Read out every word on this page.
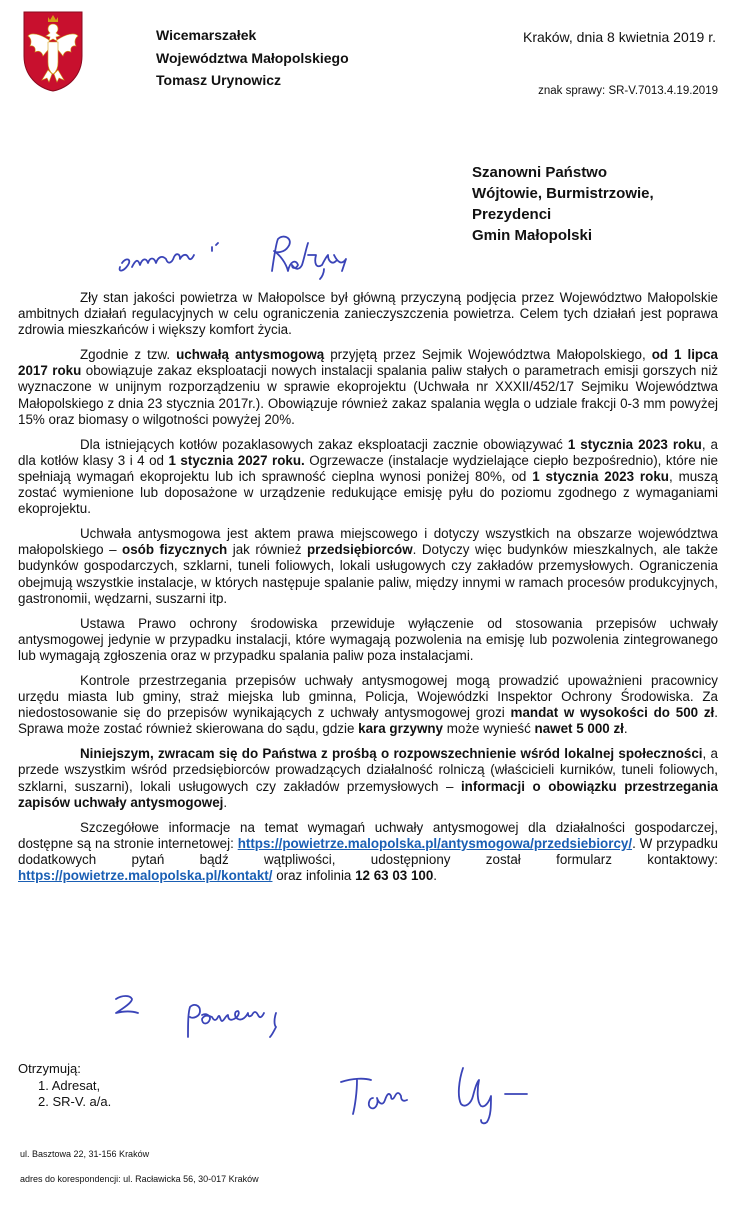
Wicemarszałek
Województwa Małopolskiego
Tomasz Urynowicz
Kraków, dnia 8 kwietnia 2019 r.
znak sprawy: SR-V.7013.4.19.2019
Szanowni Państwo
Wójtowie, Burmistrzowie,
Prezydenci
Gmin Małopolski

Zły stan jakości powietrza w Małopolsce był główną przyczyną podjęcia przez Województwo Małopolskie ambitnych działań regulacyjnych w celu ograniczenia zanieczyszczenia powietrza. Celem tych działań jest poprawa zdrowia mieszkańców i większy komfort życia.

Zgodnie z tzw. uchwałą antysmogową przyjętą przez Sejmik Województwa Małopolskiego, od 1 lipca 2017 roku obowiązuje zakaz eksploatacji nowych instalacji spalania paliw stałych o parametrach emisji gorszych niż wyznaczone w unijnym rozporządzeniu w sprawie ekoprojektu (Uchwała nr XXXII/452/17 Sejmiku Województwa Małopolskiego z dnia 23 stycznia 2017r.). Obowiązuje również zakaz spalania węgla o udziale frakcji 0-3 mm powyżej 15% oraz biomasy o wilgotności powyżej 20%.

Dla istniejących kotłów pozaklasowych zakaz eksploatacji zacznie obowiązywać 1 stycznia 2023 roku, a dla kotłów klasy 3 i 4 od 1 stycznia 2027 roku. Ogrzewacze (instalacje wydzielające ciepło bezpośrednio), które nie spełniają wymagań ekoprojektu lub ich sprawność cieplna wynosi poniżej 80%, od 1 stycznia 2023 roku, muszą zostać wymienione lub doposażone w urządzenie redukujące emisję pyłu do poziomu zgodnego z wymaganiami ekoprojektu.

Uchwała antysmogowa jest aktem prawa miejscowego i dotyczy wszystkich na obszarze województwa małopolskiego – osób fizycznych jak również przedsiębiorców. Dotyczy więc budynków mieszkalnych, ale także budynków gospodarczych, szklarni, tuneli foliowych, lokali usługowych czy zakładów przemysłowych. Ograniczenia obejmują wszystkie instalacje, w których następuje spalanie paliw, między innymi w ramach procesów produkcyjnych, gastronomii, wędzarni, suszarni itp.

Ustawa Prawo ochrony środowiska przewiduje wyłączenie od stosowania przepisów uchwały antysmogowej jedynie w przypadku instalacji, które wymagają pozwolenia na emisję lub pozwolenia zintegrowanego lub wymagają zgłoszenia oraz w przypadku spalania paliw poza instalacjami.

Kontrole przestrzegania przepisów uchwały antysmogowej mogą prowadzić upoważnieni pracownicy urzędu miasta lub gminy, straż miejska lub gminna, Policja, Wojewódzki Inspektor Ochrony Środowiska. Za niedostosowanie się do przepisów wynikających z uchwały antysmogowej grozi mandat w wysokości do 500 zł. Sprawa może zostać również skierowana do sądu, gdzie kara grzywny może wynieść nawet 5 000 zł.

Niniejszym, zwracam się do Państwa z prośbą o rozpowszechnienie wśród lokalnej społeczności, a przede wszystkim wśród przedsiębiorców prowadzących działalność rolniczą (właścicieli kurników, tuneli foliowych, szklarni, suszarni), lokali usługowych czy zakładów przemysłowych – informacji o obowiązku przestrzegania zapisów uchwały antysmogowej.

Szczegółowe informacje na temat wymagań uchwały antysmogowej dla działalności gospodarczej, dostępne są na stronie internetowej: https://powietrze.malopolska.pl/antysmogowa/przedsiebiorcy/. W przypadku dodatkowych pytań bądź wątpliwości, udostępniony został formularz kontaktowy: https://powietrze.malopolska.pl/kontakt/ oraz infolinia 12 63 03 100.

Otrzymują:
1. Adresat,
2. SR-V. a/a.
ul. Basztowa 22, 31-156 Kraków
adres do korespondencji: ul. Racławicka 56, 30-017 Kraków
